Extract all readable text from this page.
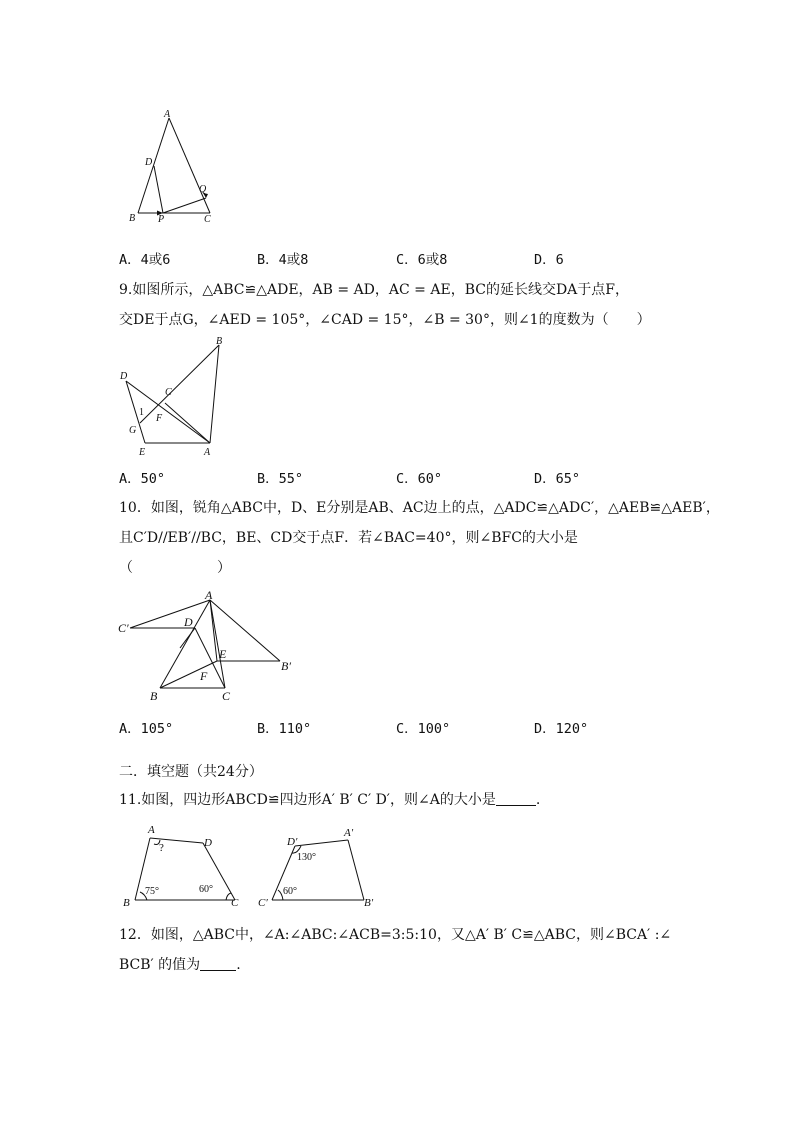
A
D
Q
B P	C
A．4或6	B．4或8	C．6或8	D．6
9.如图所示，△ABC≌△ADE，AB = AD，AC = AE，BC的延长线交DA于点F，
交DE于点G，∠AED = 105°，∠CAD = 15°，∠B = 30°，则∠1的度数为（　　）
B
D
C
1
F
G
E	A
A．50°	B．55°	C．60°	D．65°
10．如图，锐角△ABC中，D、E分别是AB、AC边上的点，△ADC≌△ADC′，△AEB≌△AEB′，
且C′D//EB′//BC，BE、CD交于点F．若∠BAC=40°，则∠BFC的大小是
（　　　　　　）
A
C′	D
E
B′
F
B	C
A．105°	B．110°	C．100°	D．120°
二．填空题（共24分）
11.如图，四边形ABCD≌四边形A′ B′ C′ D′，则∠A的大小是	.
A
?	D
75°	60°
B	C
D′
A′
130°
60°
C′	B′
12．如图，△ABC中，∠A:∠ABC:∠ACB=3:5:10，又△A′ B′ C≌△ABC，则∠BCA′ :∠
BCB′ 的值为	.
